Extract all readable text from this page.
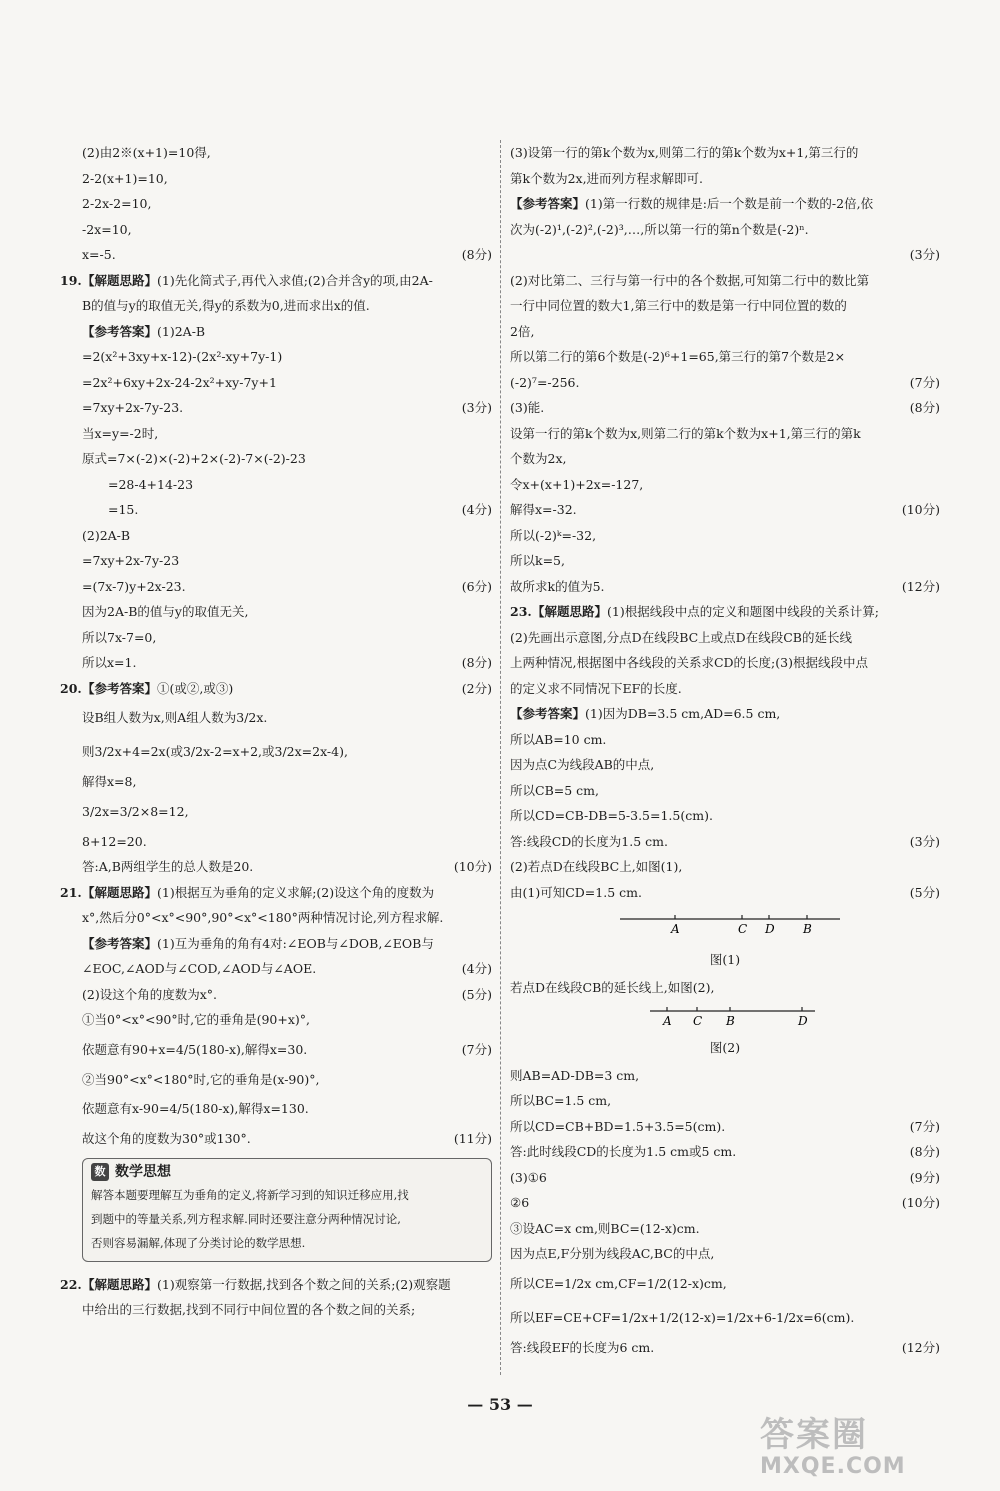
(2)由2※(x+1)=10得,
2-2(x+1)=10,
2-2x-2=10,
-2x=10,
x=-5.	(8分)
19. 【解题思路】(1)先化简式子,再代入求值;(2)合并含y的项,由2A-
B的值与y的取值无关,得y的系数为0,进而求出x的值.
【参考答案】(1)2A-B
=2(x²+3xy+x-12)-(2x²-xy+7y-1)
=2x²+6xy+2x-24-2x²+xy-7y+1
=7xy+2x-7y-23.	(3分)
当x=y=-2时,
原式=7×(-2)×(-2)+2×(-2)-7×(-2)-23
=28-4+14-23
=15.	(4分)
(2)2A-B
=7xy+2x-7y-23
=(7x-7)y+2x-23.	(6分)
因为2A-B的值与y的取值无关,
所以7x-7=0,
所以x=1.	(8分)
20. 【参考答案】①(或②,或③)	(2分)
设B组人数为x,则A组人数为3/2x.
则3/2x+4=2x(或3/2x-2=x+2,或3/2x=2x-4),
解得x=8,
3/2x=3/2×8=12,
8+12=20.
答:A,B两组学生的总人数是20.	(10分)
21. 【解题思路】(1)根据互为垂角的定义求解;(2)设这个角的度数为
x°,然后分0°<x°<90°,90°<x°<180°两种情况讨论,列方程求解.
【参考答案】(1)互为垂角的角有4对:∠EOB与∠DOB,∠EOB与
∠EOC,∠AOD与∠COD,∠AOD与∠AOE.	(4分)
(2)设这个角的度数为x°.	(5分)
①当0°<x°<90°时,它的垂角是(90+x)°,
依题意有90+x=4/5(180-x),解得x=30.	(7分)
②当90°<x°<180°时,它的垂角是(x-90)°,
依题意有x-90=4/5(180-x),解得x=130.
故这个角的度数为30°或130°.	(11分)
数 数学思想
解答本题要理解互为垂角的定义,将新学习到的知识迁移应用,找
到题中的等量关系,列方程求解.同时还要注意分两种情况讨论,
否则容易漏解,体现了分类讨论的数学思想.
22. 【解题思路】(1)观察第一行数据,找到各个数之间的关系;(2)观察题
中给出的三行数据,找到不同行中间位置的各个数之间的关系;
(3)设第一行的第k个数为x,则第二行的第k个数为x+1,第三行的
第k个数为2x,进而列方程求解即可.
【参考答案】(1)第一行数的规律是:后一个数是前一个数的-2倍,依
次为(-2)¹,(-2)²,(-2)³,…,所以第一行的第n个数是(-2)ⁿ.
(3分)
(2)对比第二、三行与第一行中的各个数据,可知第二行中的数比第
一行中同位置的数大1,第三行中的数是第一行中同位置的数的
2倍,
所以第二行的第6个数是(-2)⁶+1=65,第三行的第7个数是2×
(-2)⁷=-256.	(7分)
(3)能.	(8分)
设第一行的第k个数为x,则第二行的第k个数为x+1,第三行的第k
个数为2x,
令x+(x+1)+2x=-127,
解得x=-32.	(10分)
所以(-2)ᵏ=-32,
所以k=5,
故所求k的值为5.	(12分)
23. 【解题思路】(1)根据线段中点的定义和题图中线段的关系计算;
(2)先画出示意图,分点D在线段BC上或点D在线段CB的延长线
上两种情况,根据图中各线段的关系求CD的长度;(3)根据线段中点
的定义求不同情况下EF的长度.
【参考答案】(1)因为DB=3.5 cm,AD=6.5 cm,
所以AB=10 cm.
因为点C为线段AB的中点,
所以CB=5 cm,
所以CD=CB-DB=5-3.5=1.5(cm).
答:线段CD的长度为1.5 cm.	(3分)
(2)若点D在线段BC上,如图(1),
由(1)可知CD=1.5 cm.	(5分)
A	C D B
图(1)
若点D在线段CB的延长线上,如图(2),
A C B	D
图(2)
则AB=AD-DB=3 cm,
所以BC=1.5 cm,
所以CD=CB+BD=1.5+3.5=5(cm).	(7分)
答:此时线段CD的长度为1.5 cm或5 cm.	(8分)
(3)①6	(9分)
②6	(10分)
③设AC=x cm,则BC=(12-x)cm.
因为点E,F分别为线段AC,BC的中点,
所以CE=1/2x cm,CF=1/2(12-x)cm,
所以EF=CE+CF=1/2x+1/2(12-x)=1/2x+6-1/2x=6(cm).
答:线段EF的长度为6 cm.	(12分)
— 53 —
答案圈
MXQE.COM
